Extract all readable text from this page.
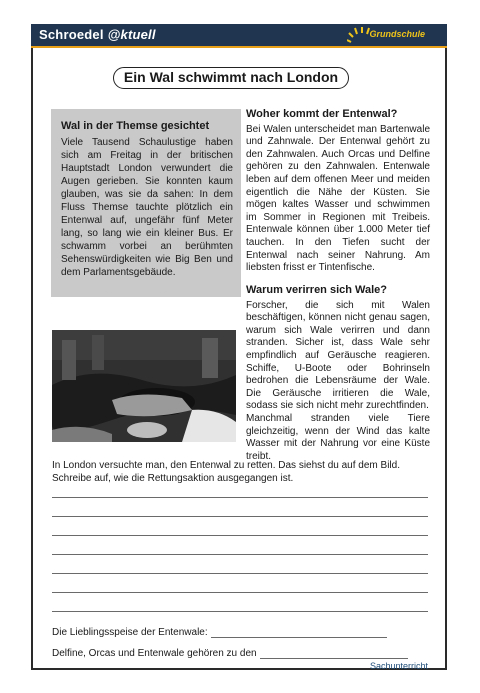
Schroedel @ktuell	Grundschule
Ein Wal schwimmt nach London
Wal in der Themse gesichtet
Viele Tausend Schaulustige haben sich am Freitag in der britischen Hauptstadt London verwundert die Augen gerieben. Sie konnten kaum glauben, was sie da sahen: In dem Fluss Themse tauchte plötzlich ein Entenwal auf, ungefähr fünf Meter lang, so lang wie ein kleiner Bus. Er schwamm vorbei an berühmten Sehenswürdigkeiten wie Big Ben und dem Parlamentsgebäude.
Woher kommt der Entenwal?
Bei Walen unterscheidet man Bartenwale und Zahnwale. Der Entenwal gehört zu den Zahnwalen. Auch Orcas und Delfine gehören zu den Zahnwalen. Entenwale leben auf dem offenen Meer und meiden eigentlich die Nähe der Küsten. Sie mögen kaltes Wasser und schwimmen im Sommer in Regionen mit Treibeis. Entenwale können über 1.000 Meter tief tauchen. In den Tiefen sucht der Entenwal nach seiner Nahrung. Am liebsten frisst er Tintenfische.
Warum verirren sich Wale?
Forscher, die sich mit Walen beschäftigen, können nicht genau sagen, warum sich Wale verirren und dann stranden. Sicher ist, dass Wale sehr empfindlich auf Geräusche reagieren. Schiffe, U-Boote oder Bohrinseln bedrohen die Lebensräume der Wale. Die Geräusche irritieren die Wale, sodass sie sich nicht mehr zurechtfinden.
Manchmal stranden viele Tiere gleichzeitig, wenn der Wind das kalte Wasser mit der Nahrung vor eine Küste treibt.
In London versuchte man, den Entenwal zu retten. Das siehst du auf dem Bild. Schreibe auf, wie die Rettungsaktion ausgegangen ist.
Die Lieblingsspeise der Entenwale:
Delfine, Orcas und Entenwale gehören zu den
Sachunterricht
